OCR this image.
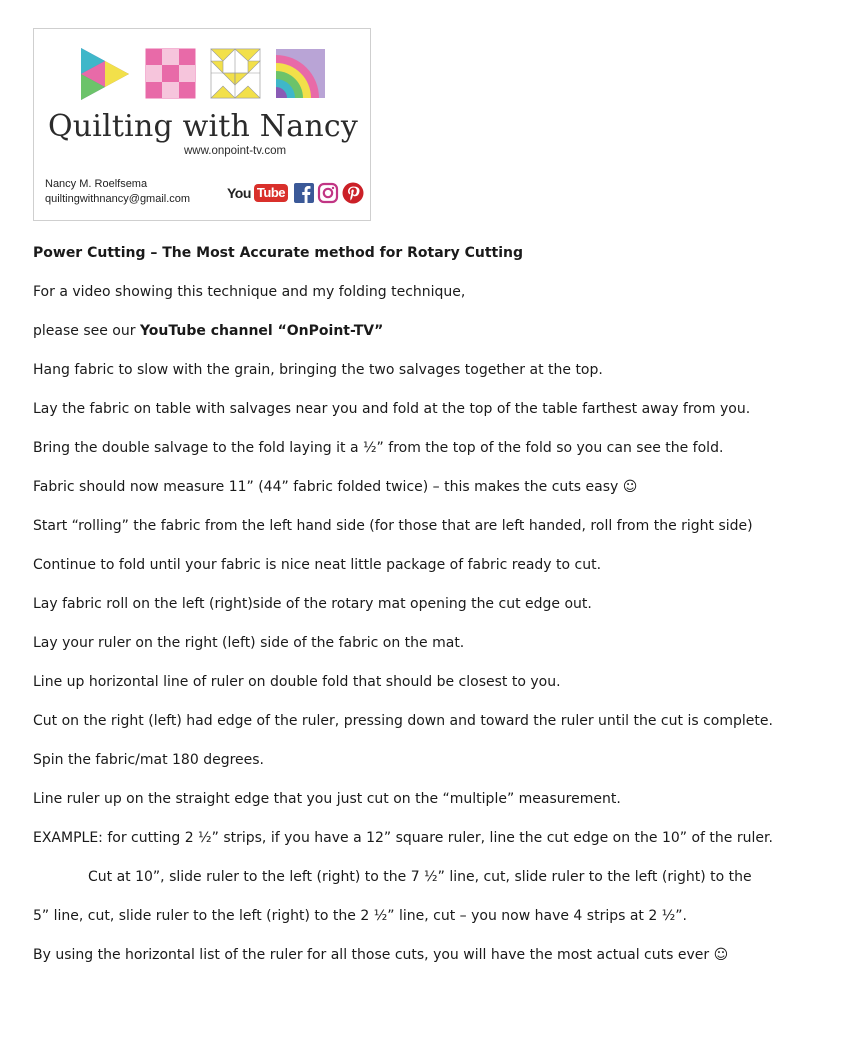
Quilting with Nancy
www.onpoint-tv.com
Nancy M. Roelfsema
quiltingwithnancy@gmail.com	You Tube

Power Cutting – The Most Accurate method for Rotary Cutting

For a video showing this technique and my folding technique,

please see our YouTube channel “OnPoint-TV”

Hang fabric to slow with the grain, bringing the two salvages together at the top.

Lay the fabric on table with salvages near you and fold at the top of the table farthest away from you.

Bring the double salvage to the fold laying it a ½” from the top of the fold so you can see the fold.

Fabric should now measure 11” (44” fabric folded twice) – this makes the cuts easy ☺

Start “rolling” the fabric from the left hand side (for those that are left handed, roll from the right side)

Continue to fold until your fabric is nice neat little package of fabric ready to cut.

Lay fabric roll on the left (right)side of the rotary mat opening the cut edge out.

Lay your ruler on the right (left) side of the fabric on the mat.

Line up horizontal line of ruler on double fold that should be closest to you.

Cut on the right (left) had edge of the ruler, pressing down and toward the ruler until the cut is complete.

Spin the fabric/mat 180 degrees.

Line ruler up on the straight edge that you just cut on the “multiple” measurement.

EXAMPLE: for cutting 2 ½” strips, if you have a 12” square ruler, line the cut edge on the 10” of the ruler.

Cut at 10”, slide ruler to the left (right) to the 7 ½” line, cut, slide ruler to the left (right) to the

5” line, cut, slide ruler to the left (right) to the 2 ½” line, cut – you now have 4 strips at 2 ½”.

By using the horizontal list of the ruler for all those cuts, you will have the most actual cuts ever ☺
